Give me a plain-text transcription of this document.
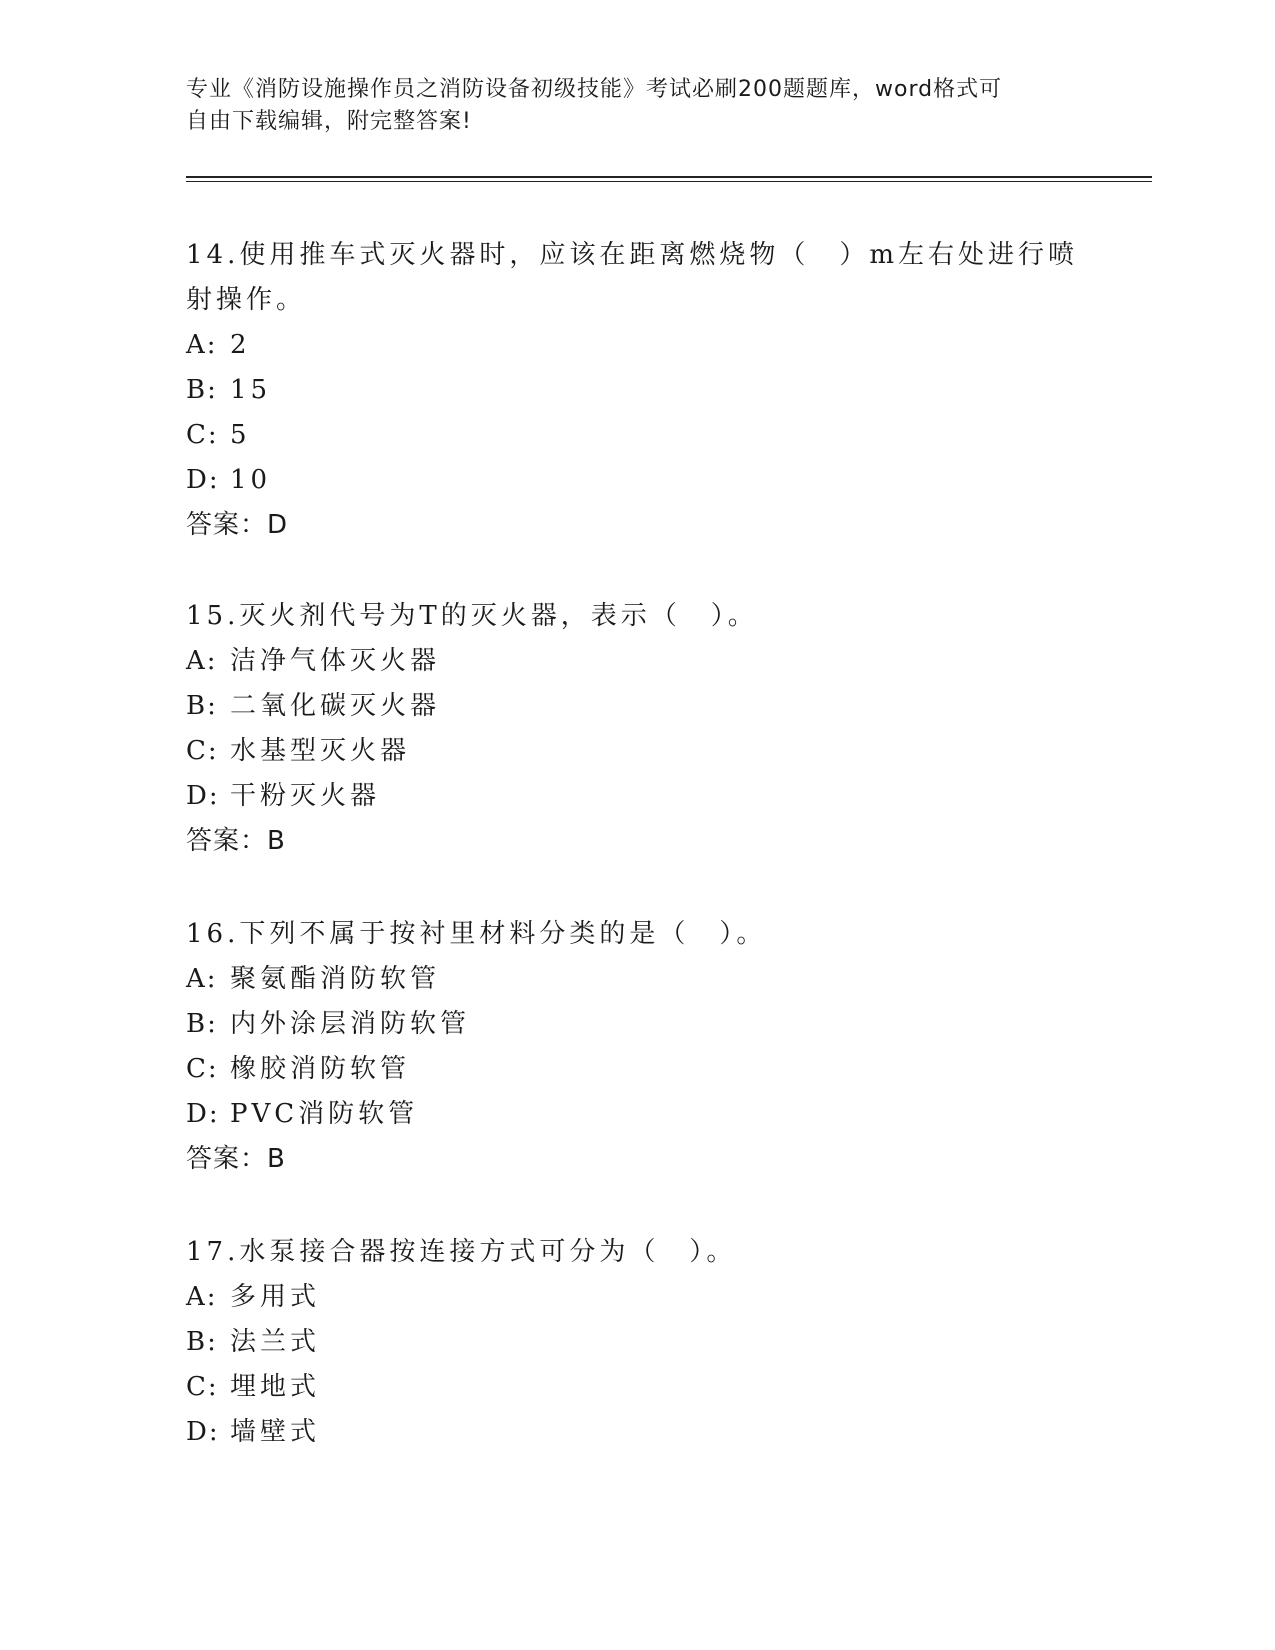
专业《消防设施操作员之消防设备初级技能》考试必刷200题题库，word格式可
自由下载编辑，附完整答案!

14.使用推车式灭火器时，应该在距离燃烧物（　）m左右处进行喷射操作。

A: 2

B: 15

C: 5

D: 10

答案：D

15.灭火剂代号为T的灭火器，表示（　）。

A: 洁净气体灭火器

B: 二氧化碳灭火器

C: 水基型灭火器

D: 干粉灭火器

答案：B

16.下列不属于按衬里材料分类的是（　）。

A: 聚氨酯消防软管

B: 内外涂层消防软管

C: 橡胶消防软管

D: PVC消防软管

答案：B

17.水泵接合器按连接方式可分为（　）。

A: 多用式

B: 法兰式

C: 埋地式

D: 墙壁式
